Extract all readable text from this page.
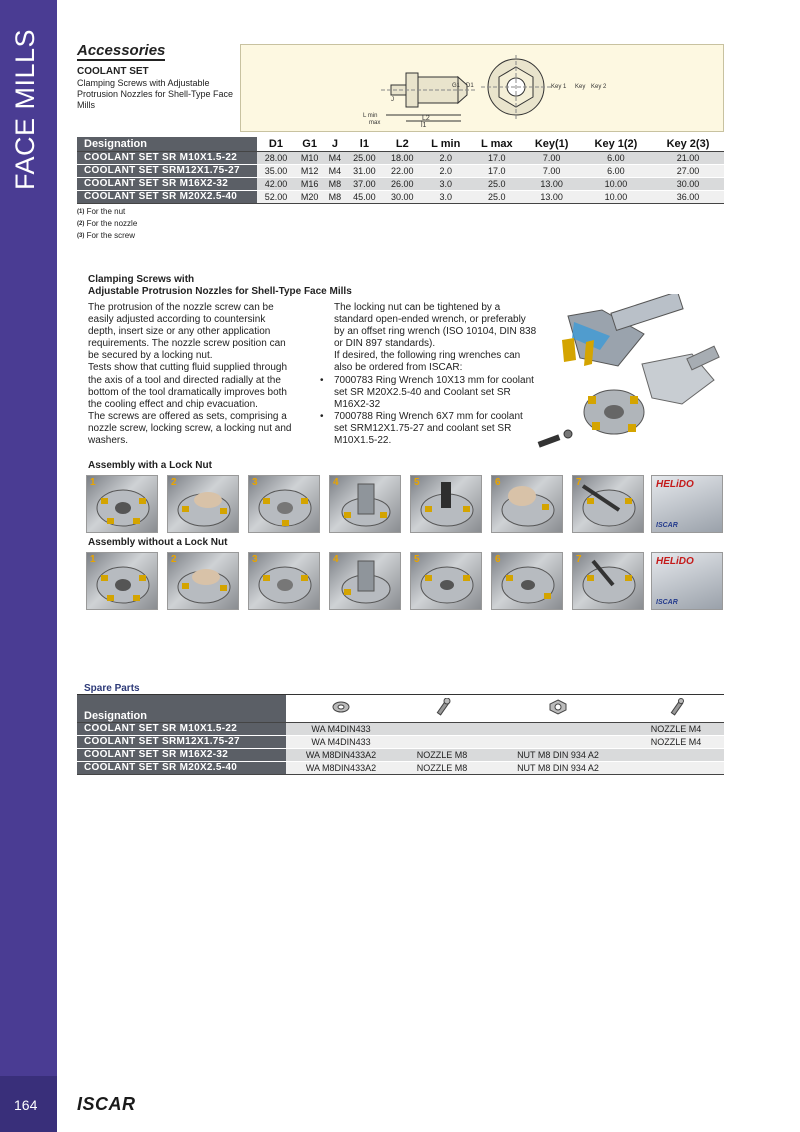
FACE MILLS
164 ISCAR
Accessories
COOLANT SET
Clamping Screws with Adjustable Protrusion Nozzles for Shell-Type Face Mills
L2
l1
L min
max
J
G1 D1	Key 1 Key Key 2
Designation	D1	G1	J	l1	L2	L min	L max	Key(1)	Key 1(2)	Key 2(3)
COOLANT SET SR M10X1.5-22	28.00	M10	M4	25.00	18.00	2.0	17.0	7.00	6.00	21.00
COOLANT SET SRM12X1.75-27	35.00	M12	M4	31.00	22.00	2.0	17.0	7.00	6.00	27.00
COOLANT SET SR M16X2-32	42.00	M16	M8	37.00	26.00	3.0	25.0	13.00	10.00	30.00
COOLANT SET SR M20X2.5-40	52.00	M20	M8	45.00	30.00	3.0	25.0	13.00	10.00	36.00
$^{(1)}$ For the nut
$^{(2)}$ For the nozzle
$^{(3)}$ For the screw
Clamping Screws with
Adjustable Protrusion Nozzles for Shell-Type Face Mills
The protrusion of the nozzle screw can be
easily adjusted according to countersink
depth, insert size or any other application
requirements. The nozzle screw position can
be secured by a locking nut.
Tests show that cutting fluid supplied through
the axis of a tool and directed radially at the
bottom of the tool dramatically improves both
the cooling effect and chip evacuation.
The screws are offered as sets, comprising a
nozzle screw, locking screw, a locking nut and
washers.
The locking nut can be tightened by a
standard open-ended wrench, or preferably
by an offset ring wrench (ISO 10104, DIN 838
or DIN 897 standards).
If desired, the following ring wrenches can
also be ordered from ISCAR:
• 7000783 Ring Wrench 10X13 mm for coolant
set SR M20X2.5-40 and Coolant set SR
M16X2-32
• 7000788 Ring Wrench 6X7 mm for coolant
set SRM12X1.75-27 and coolant set SR
M10X1.5-22.
Assembly with a Lock Nut
1	2	3	4	5	6	7	HELiDO
ISCAR
Assembly without a Lock Nut
1	2	3	4	5	6	7	HELiDO
ISCAR
Spare Parts
Designation				
COOLANT SET SR M10X1.5-22	WA M4DIN433			NOZZLE M4
COOLANT SET SRM12X1.75-27	WA M4DIN433			NOZZLE M4
COOLANT SET SR M16X2-32	WA M8DIN433A2	NOZZLE M8	NUT M8 DIN 934 A2	
COOLANT SET SR M20X2.5-40	WA M8DIN433A2	NOZZLE M8	NUT M8 DIN 934 A2	
